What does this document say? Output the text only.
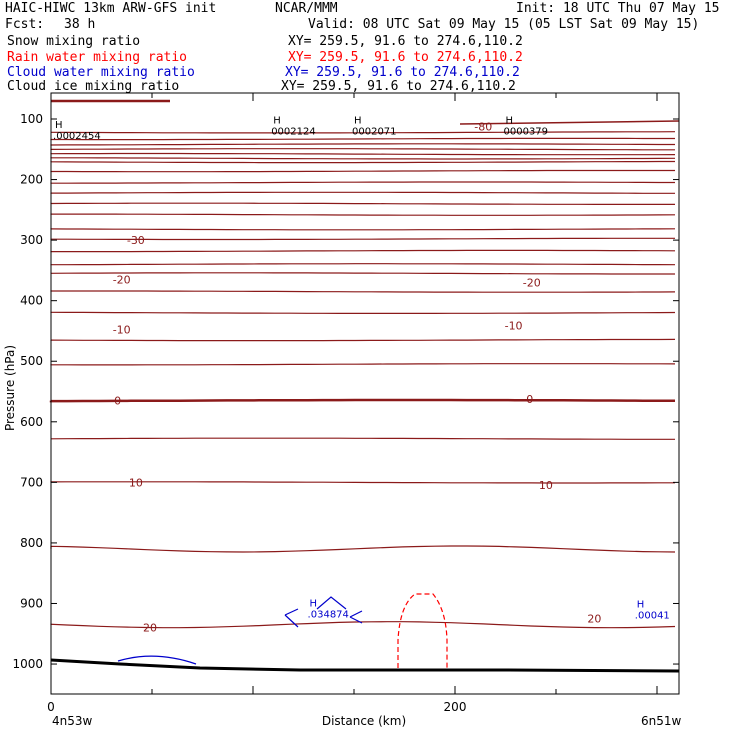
HAIC-HIWC 13km ARW-GFS init	NCAR/MMM	Init: 18 UTC Thu 07 May 15
Fcst: 38 h	Valid: 08 UTC Sat 09 May 15 (05 LST Sat 09 May 15)
Snow mixing ratio	XY= 259.5, 91.6 to 274.6,110.2
Rain water mixing ratio	XY= 259.5, 91.6 to 274.6,110.2
Cloud water mixing ratio	XY= 259.5, 91.6 to 274.6,110.2
Cloud ice mixing ratio	XY= 259.5, 91.6 to 274.6,110.2
-80
-30
-20	-20
-10	-10
0	0
10	10
20
20
H
.0002454
H
0002124
H
0002071
H
0000379
H
.034874
H
.00041
100
200
300
400
500
600
700
800
900
1000
0	200
Pressure (hPa)
Distance (km)
4n53w	6n51w
